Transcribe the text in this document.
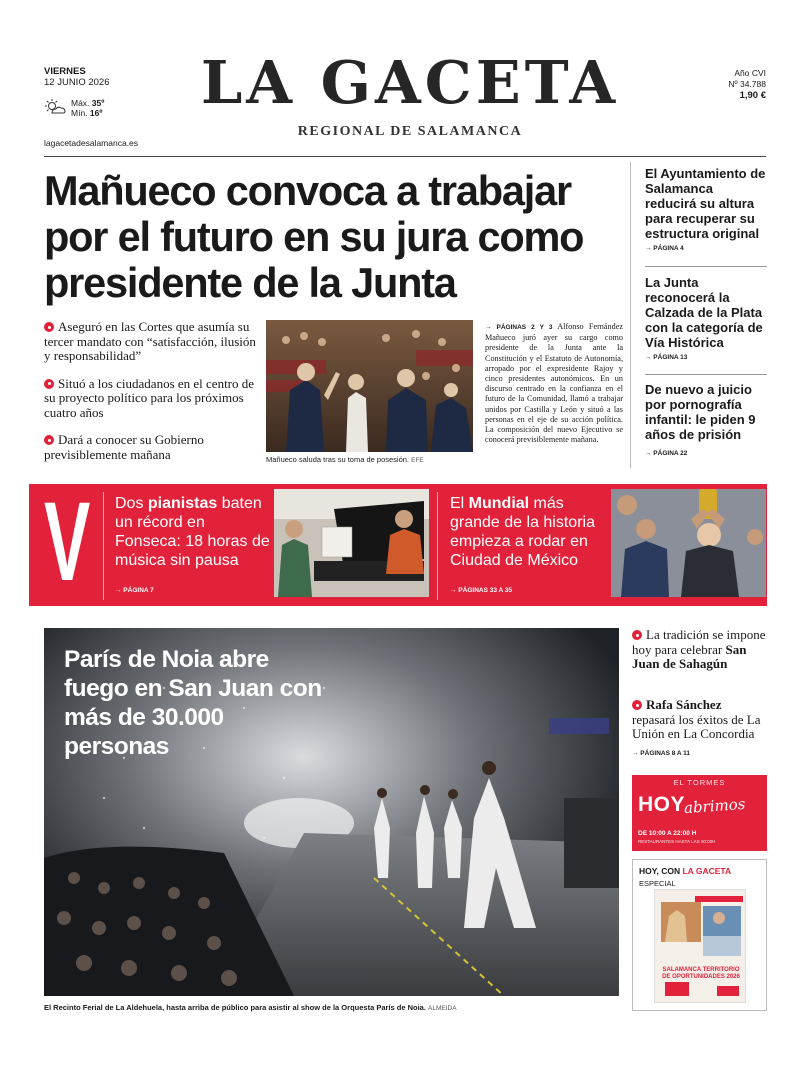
VIERNES
12 JUNIO 2026
Máx. 35º
Mín. 16º
lagacetadesalamanca.es
LA GACETA
REGIONAL DE SALAMANCA
Año CVI
Nº 34.788
1,90 €
Mañueco convoca a trabajar por el futuro en su jura como presidente de la Junta
Aseguró en las Cortes que asumía su tercer mandato con “satisfacción, ilusión y responsabilidad”
Situó a los ciudadanos en el centro de su proyecto político para los próximos cuatro años
Dará a conocer su Gobierno previsiblemente mañana	Mañueco saluda tras su toma de posesión. EFE
→ PÁGINAS 2 Y 3 Alfonso Fernández Mañueco juró ayer su cargo como presidente de la Junta ante la Constitución y el Estatuto de Autonomía, arropado por el expresidente Rajoy y cinco presidentes autonómicos. En un discurso centrado en la confianza en el futuro de la Comunidad, llamó a trabajar unidos por Castilla y León y situó a las personas en el eje de su acción política. La composición del nuevo Ejecutivo se conocerá previsiblemente mañana.
El Ayuntamiento de Salamanca reducirá su altura para recuperar su estructura original
→ PÁGINA 4
La Junta reconocerá la Calzada de la Plata con la categoría de Vía Histórica
→ PÁGINA 13
De nuevo a juicio por pornografía infantil: le piden 9 años de prisión
→ PÁGINA 22
V Dos pianistas baten un récord en Fonseca: 18 horas de música sin pausa
→ PÁGINA 7
El Mundial más grande de la historia empieza a rodar en Ciudad de México
→ PÁGINAS 33 A 35
París de Noia abre fuego en San Juan con más de 30.000 personas
El Recinto Ferial de La Aldehuela, hasta arriba de público para asistir al show de la Orquesta París de Noia. ALMEIDA
La tradición se impone hoy para celebrar San Juan de Sahagún
Rafa Sánchez
repasará los éxitos de La Unión en La Concordia
→ PÁGINAS 8 A 11
EL TORMES
HOY
abrimos
DE 10:00 A 22:00 H
RESTAURANTES HASTA LAS 00:00H
HOY, CON LA GACETA
ESPECIAL
SALAMANCA TERRITORIO DE OPORTUNIDADES 2026
